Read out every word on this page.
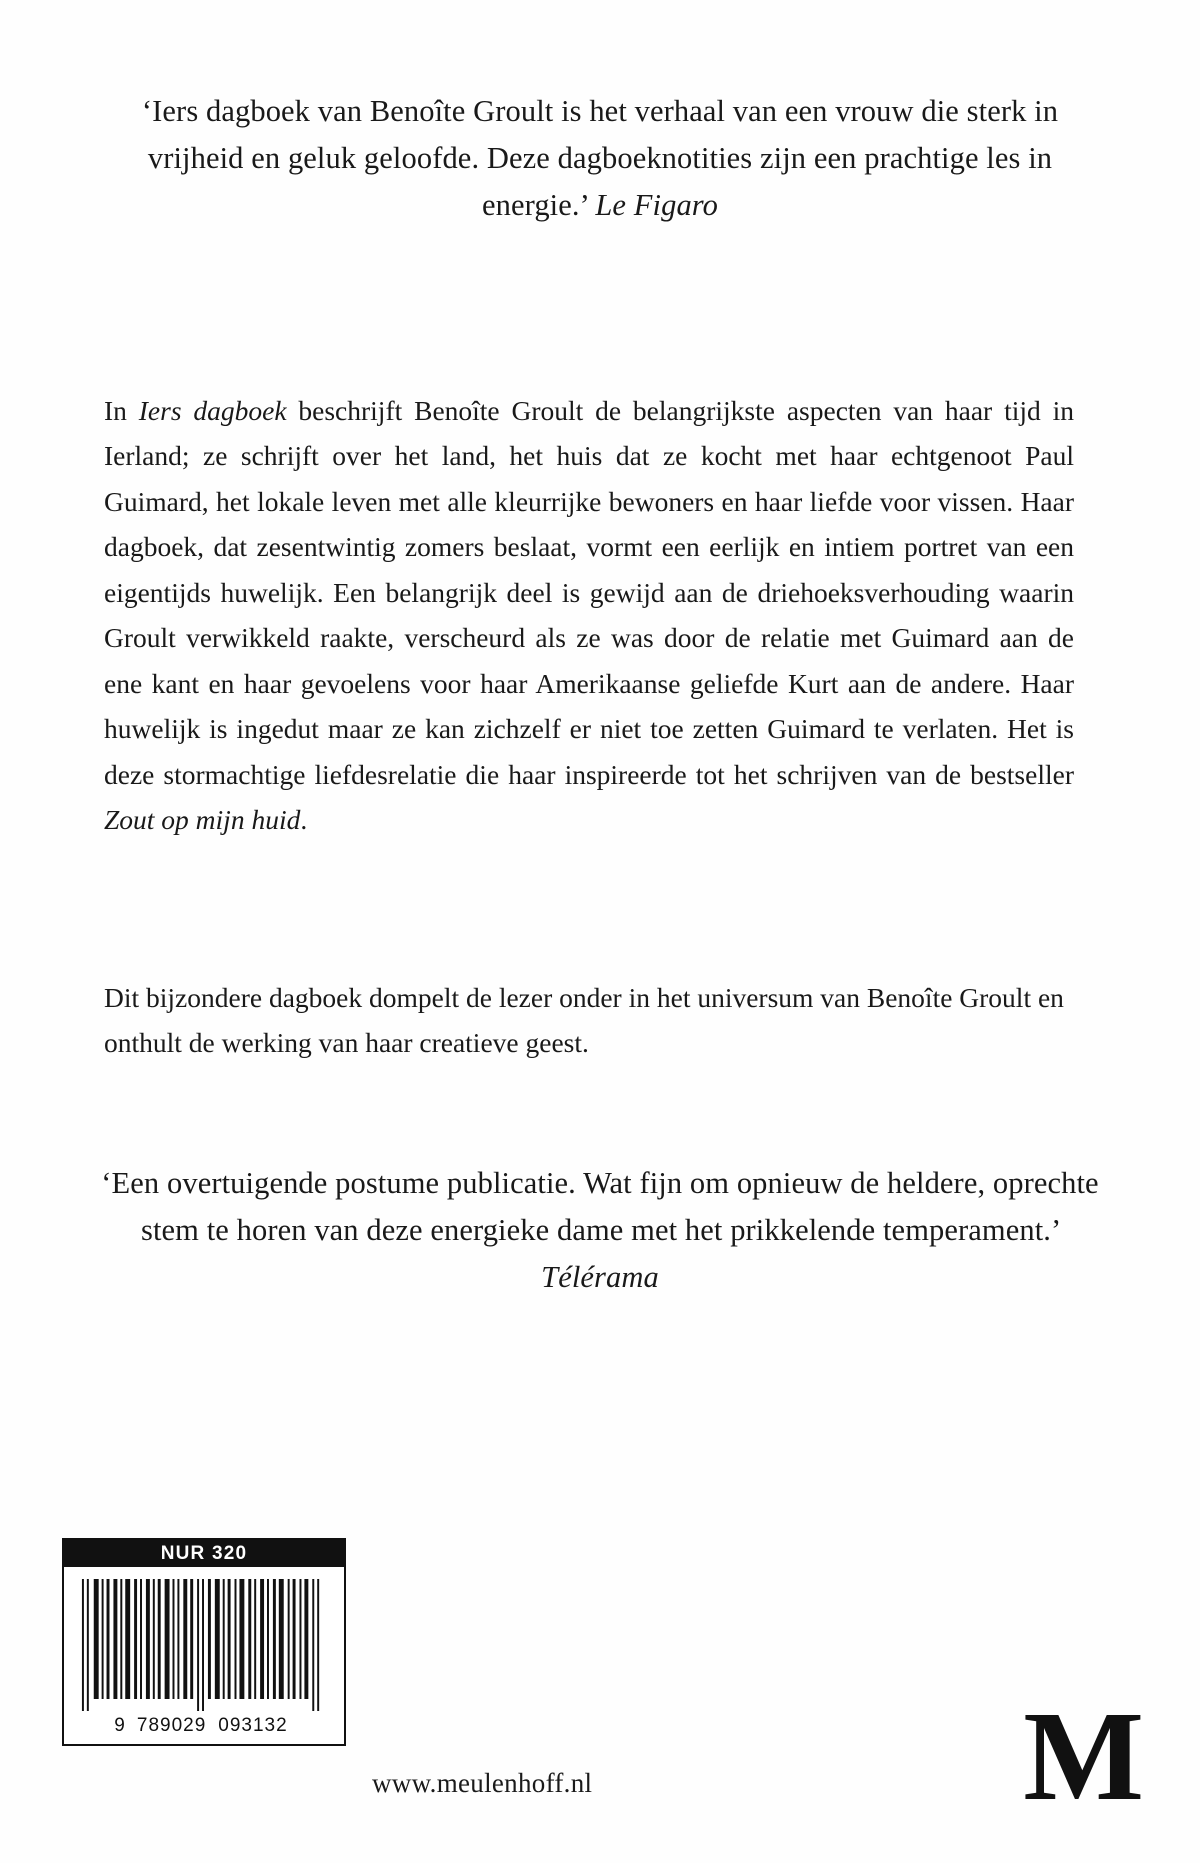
‘Iers dagboek van Benoîte Groult is het verhaal van een vrouw die sterk in vrijheid en geluk geloofde. Deze dagboeknotities zijn een prachtige les in energie.’ Le Figaro

In Iers dagboek beschrijft Benoîte Groult de belangrijkste aspecten van haar tijd in Ierland; ze schrijft over het land, het huis dat ze kocht met haar echtgenoot Paul Guimard, het lokale leven met alle kleurrijke bewoners en haar liefde voor vissen. Haar dagboek, dat zesentwintig zomers beslaat, vormt een eerlijk en intiem portret van een eigentijds huwelijk. Een belangrijk deel is gewijd aan de driehoeksverhouding waarin Groult verwikkeld raakte, verscheurd als ze was door de relatie met Guimard aan de ene kant en haar gevoelens voor haar Amerikaanse geliefde Kurt aan de andere. Haar huwelijk is ingedut maar ze kan zichzelf er niet toe zetten Guimard te verlaten. Het is deze stormachtige liefdesrelatie die haar inspireerde tot het schrijven van de bestseller Zout op mijn huid.

Dit bijzondere dagboek dompelt de lezer onder in het universum van Benoîte Groult en onthult de werking van haar creatieve geest.

‘Een overtuigende postume publicatie. Wat fijn om opnieuw de heldere, oprechte stem te horen van deze energieke dame met het prikkelende temperament.’ Télérama
NUR 320
9 789029 093132
www.meulenhoff.nl	M
